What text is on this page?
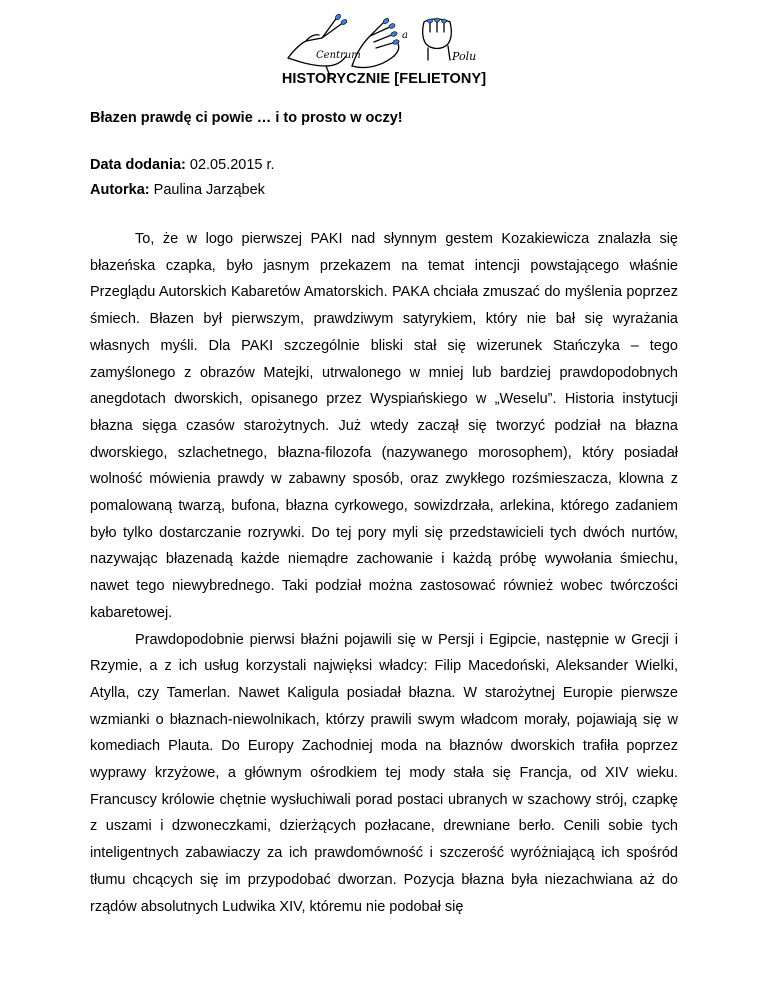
Centrum
a
Polu
HISTORYCZNIE [FELIETONY]
Błazen prawdę ci powie … i to prosto w oczy!
Data dodania: 02.05.2015 r.
Autorka: Paulina Jarząbek

To, że w logo pierwszej PAKI nad słynnym gestem Kozakiewicza znalazła się błazeńska czapka, było jasnym przekazem na temat intencji powstającego właśnie Przeglądu Autorskich Kabaretów Amatorskich. PAKA chciała zmuszać do myślenia poprzez śmiech. Błazen był pierwszym, prawdziwym satyrykiem, który nie bał się wyrażania własnych myśli. Dla PAKI szczególnie bliski stał się wizerunek Stańczyka – tego zamyślonego z obrazów Matejki, utrwalonego w mniej lub bardziej prawdopodobnych anegdotach dworskich, opisanego przez Wyspiańskiego w „Weselu”. Historia instytucji błazna sięga czasów starożytnych. Już wtedy zaczął się tworzyć podział na błazna dworskiego, szlachetnego, błazna-filozofa (nazywanego morosophem), który posiadał wolność mówienia prawdy w zabawny sposób, oraz zwykłego rozśmieszacza, klowna z pomalowaną twarzą, bufona, błazna cyrkowego, sowizdrzała, arlekina, którego zadaniem było tylko dostarczanie rozrywki. Do tej pory myli się przedstawicieli tych dwóch nurtów, nazywając błazenadą każde niemądre zachowanie i każdą próbę wywołania śmiechu, nawet tego niewybrednego. Taki podział można zastosować również wobec twórczości kabaretowej.

Prawdopodobnie pierwsi błaźni pojawili się w Persji i Egipcie, następnie w Grecji i Rzymie, a z ich usług korzystali najwięksi władcy: Filip Macedoński, Aleksander Wielki, Atylla, czy Tamerlan. Nawet Kaligula posiadał błazna. W starożytnej Europie pierwsze wzmianki o błaznach-niewolnikach, którzy prawili swym władcom morały, pojawiają się w komediach Plauta. Do Europy Zachodniej moda na błaznów dworskich trafiła poprzez wyprawy krzyżowe, a głównym ośrodkiem tej mody stała się Francja, od XIV wieku. Francuscy królowie chętnie wysłuchiwali porad postaci ubranych w szachowy strój, czapkę z uszami i dzwoneczkami, dzierżących pozłacane, drewniane berło. Cenili sobie tych inteligentnych zabawiaczy za ich prawdomówność i szczerość wyróżniającą ich spośród tłumu chcących się im przypodobać dworzan. Pozycja błazna była niezachwiana aż do rządów absolutnych Ludwika XIV, któremu nie podobał się
